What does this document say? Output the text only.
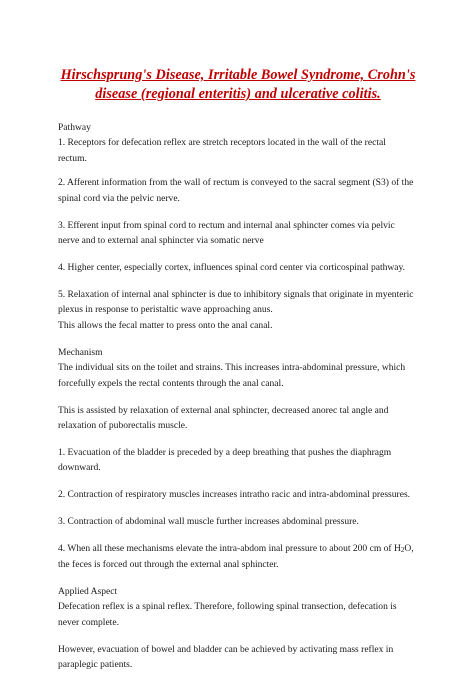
Hirschsprung's Disease, Irritable Bowel Syndrome, Crohn's
disease (regional enteritis) and ulcerative colitis.
Pathway
1. Receptors for defecation reflex are stretch receptors located in the wall of the rectal
rectum.
2. Afferent information from the wall of rectum is conveyed to the sacral segment (S3) of the
spinal cord via the pelvic nerve.
3. Efferent input from spinal cord to rectum and internal anal sphincter comes via pelvic
nerve and to external anal sphincter via somatic nerve
4. Higher center, especially cortex, influences spinal cord center via corticospinal pathway.
5. Relaxation of internal anal sphincter is due to inhibitory signals that originate in myenteric
plexus in response to peristaltic wave approaching anus.
This allows the fecal matter to press onto the anal canal.
Mechanism
The individual sits on the toilet and strains. This increases intra-abdominal pressure, which
forcefully expels the rectal contents through the anal canal.
This is assisted by relaxation of external anal sphincter, decreased anorec tal angle and
relaxation of puborectalis muscle.
1. Evacuation of the bladder is preceded by a deep breathing that pushes the diaphragm
downward.
2. Contraction of respiratory muscles increases intratho racic and intra-abdominal pressures.
3. Contraction of abdominal wall muscle further increases abdominal pressure.
4. When all these mechanisms elevate the intra-abdom inal pressure to about 200 cm of $H_2O$,
the feces is forced out through the external anal sphincter.
Applied Aspect
Defecation reflex is a spinal reflex. Therefore, following spinal transection, defecation is
never complete.
However, evacuation of bowel and bladder can be achieved by activating mass reflex in
paraplegic patients.
